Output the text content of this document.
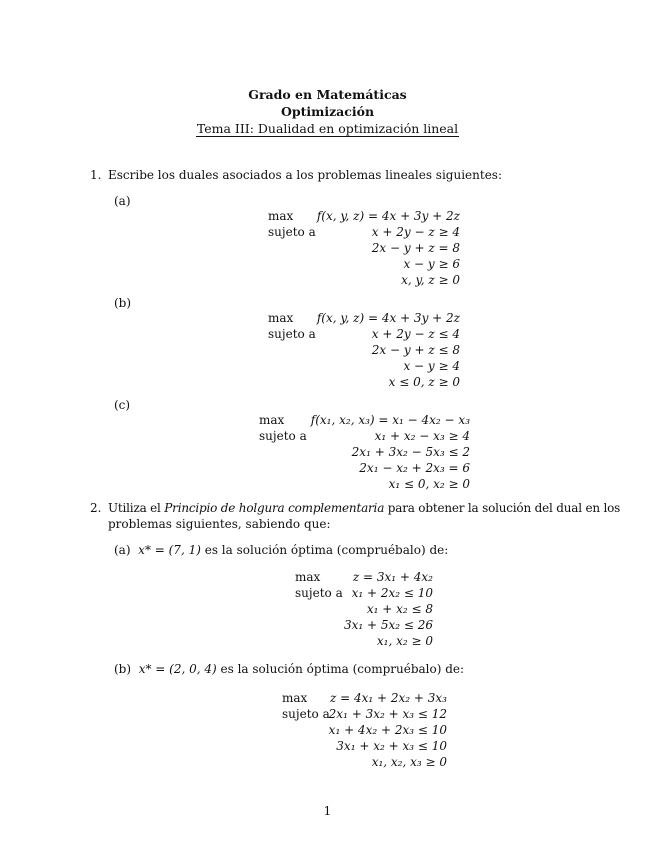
Grado en Matemáticas
Optimización
Tema III: Dualidad en optimización lineal
1. Escribe los duales asociados a los problemas lineales siguientes:
(a)
max f(x, y, z) = 4x + 3y + 2z
sujeto a	x + 2y − z ≥ 4
2x − y + z = 8
x − y ≥ 6
x, y, z ≥ 0
(b)
max f(x, y, z) = 4x + 3y + 2z
sujeto a	x + 2y − z ≤ 4
2x − y + z ≤ 8
x − y ≥ 4
x ≤ 0, z ≥ 0
(c)
max f(x₁, x₂, x₃) = x₁ − 4x₂ − x₃
sujeto a	x₁ + x₂ − x₃ ≥ 4
2x₁ + 3x₂ − 5x₃ ≤ 2
2x₁ − x₂ + 2x₃ = 6
x₁ ≤ 0, x₂ ≥ 0
2. Utiliza el Principio de holgura complementaria para obtener la solución del dual en los
problemas siguientes, sabiendo que:
(a) x* = (7, 1) es la solución óptima (compruébalo) de:
max	z = 3x₁ + 4x₂
sujeto a x₁ + 2x₂ ≤ 10
x₁ + x₂ ≤ 8
3x₁ + 5x₂ ≤ 26
x₁, x₂ ≥ 0
(b) x* = (2, 0, 4) es la solución óptima (compruébalo) de:
max z = 4x₁ + 2x₂ + 3x₃
sujeto a
2x₁ + 3x₂ + x₃ ≤ 12
x₁ + 4x₂ + 2x₃ ≤ 10
3x₁ + x₂ + x₃ ≤ 10
x₁, x₂, x₃ ≥ 0
1
